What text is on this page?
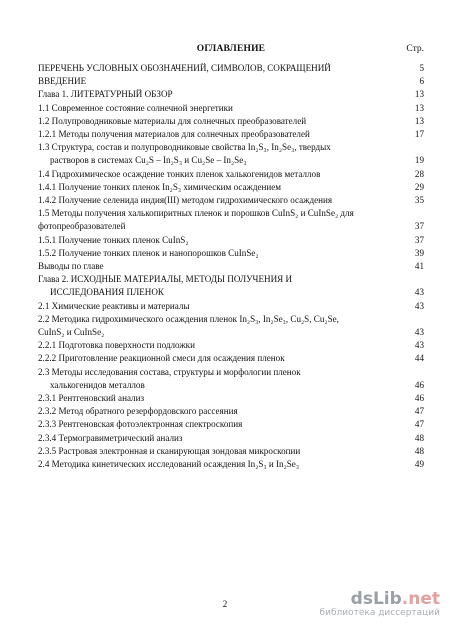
ОГЛАВЛЕНИЕ	Стр.
ПЕРЕЧЕНЬ УСЛОВНЫХ ОБОЗНАЧЕНИЙ, СИМВОЛОВ, СОКРАЩЕНИЙ	5
ВВЕДЕНИЕ	6
Глава 1. ЛИТЕРАТУРНЫЙ ОБЗОР	13
1.1 Современное состояние солнечной энергетики	13
1.2 Полупроводниковые материалы для солнечных преобразователей	13
1.2.1 Методы получения материалов для солнечных преобразователей	17
1.3 Структура, состав и полупроводниковые свойства In₂S₃, In₂Se₃, твердых
растворов в системах Cu₂S – In₂S₃ и Cu₂Se – In₂Se₃	19
1.4 Гидрохимическое осаждение тонких пленок халькогенидов металлов	28
1.4.1 Получение тонких пленок In₂S₃ химическим осаждением	29
1.4.2 Получение селенида индия(III) методом гидрохимического осаждения	35
1.5 Методы получения халькопиритных пленок и порошков CuInS₂ и CuInSe₂ для
фотопреобразователей	37
1.5.1 Получение тонких пленок CuInS₂	37
1.5.2 Получение тонких пленок и нанопорошков CuInSe₂	39
Выводы по главе	41
Глава 2. ИСХОДНЫЕ МАТЕРИАЛЫ, МЕТОДЫ ПОЛУЧЕНИЯ И
ИССЛЕДОВАНИЯ ПЛЕНОК	43
2.1 Химические реактивы и материалы	43
2.2 Методика гидрохимического осаждения пленок In₂S₃, In₂Se₃, Cu₂S, Cu₂Se,
CuInS₂ и CuInSe₂	43
2.2.1 Подготовка поверхности подложки	43
2.2.2 Приготовление реакционной смеси для осаждения пленок	44
2.3 Методы исследования состава, структуры и морфологии пленок
халькогенидов металлов	46
2.3.1 Рентгеновский анализ	46
2.3.2 Метод обратного резерфордовского рассеяния	47
2.3.3 Рентгеновская фотоэлектронная спектроскопия	47
2.3.4 Термогравиметрический анализ	48
2.3.5 Растровая электронная и сканирующая зондовая микроскопии	48
2.4 Методика кинетических исследований осаждения In₂S₃ и In₂Se₃	49
2	dsLib.net
библиотека диссертаций
